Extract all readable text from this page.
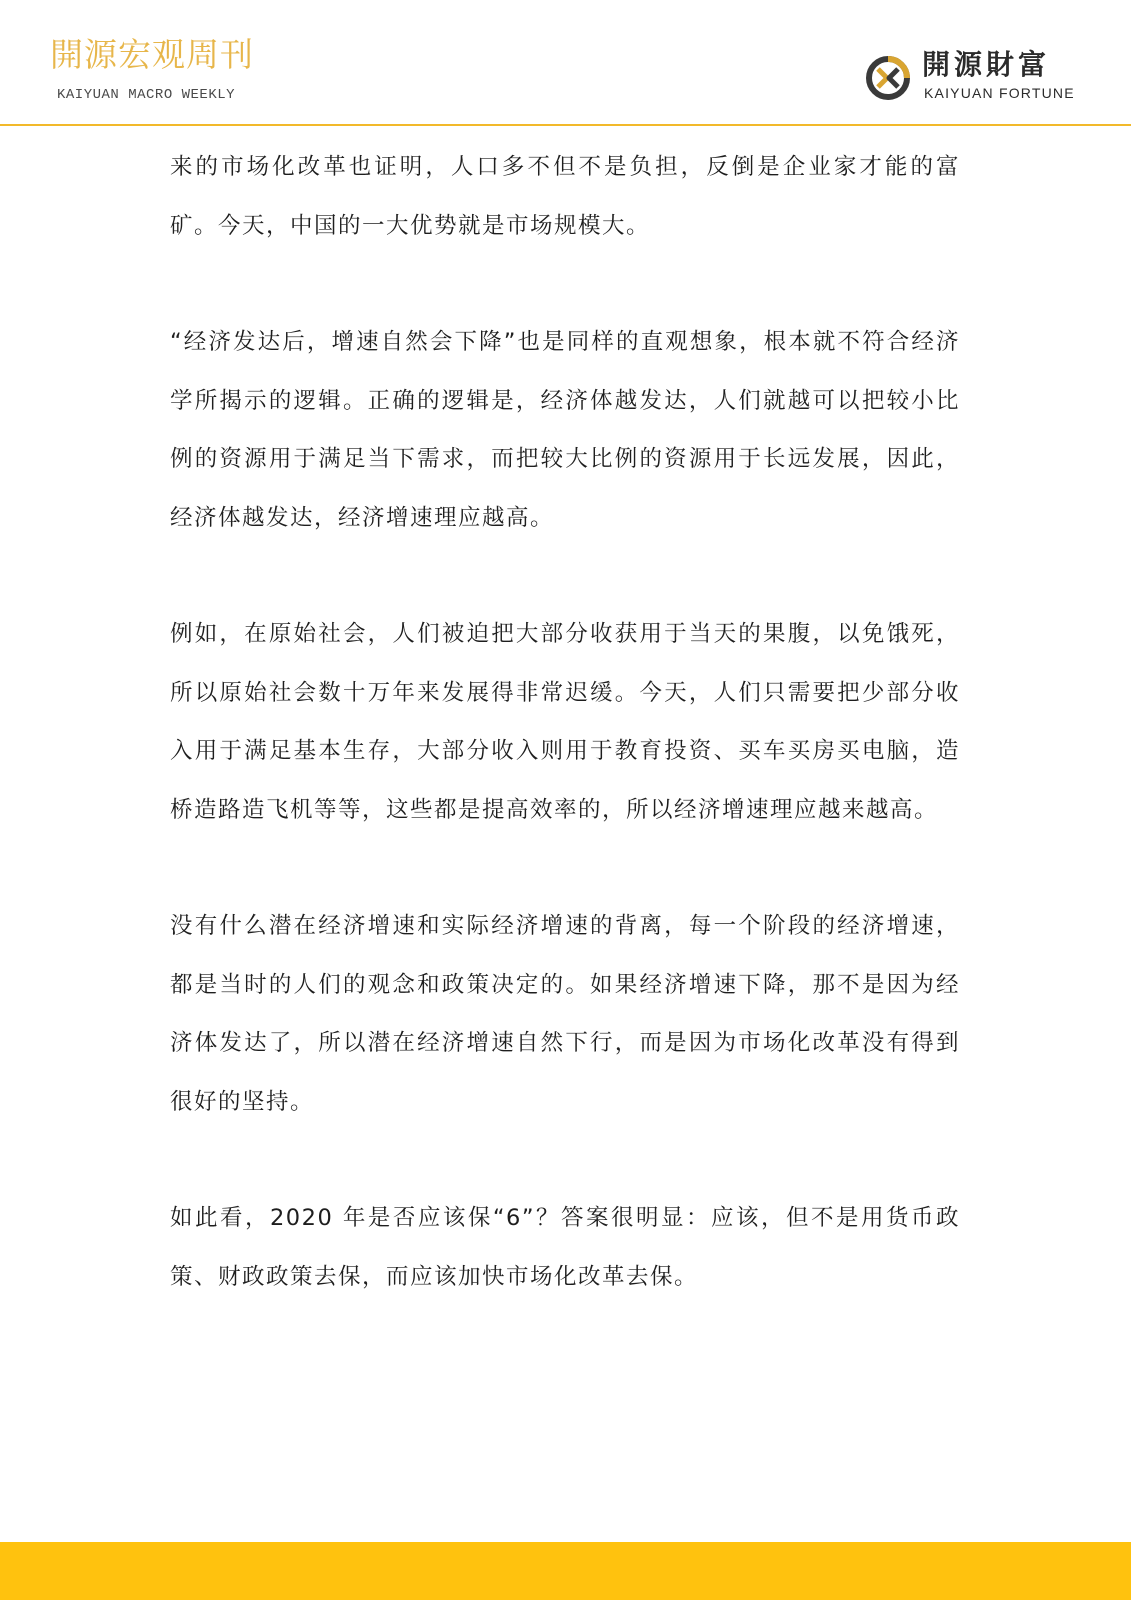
開源宏观周刊
KAIYUAN MACRO WEEKLY
開源財富
KAIYUAN FORTUNE

来的市场化改革也证明，人口多不但不是负担，反倒是企业家才能的富矿。今天，中国的一大优势就是市场规模大。

“经济发达后，增速自然会下降”也是同样的直观想象，根本就不符合经济学所揭示的逻辑。正确的逻辑是，经济体越发达，人们就越可以把较小比例的资源用于满足当下需求，而把较大比例的资源用于长远发展，因此，经济体越发达，经济增速理应越高。

例如，在原始社会，人们被迫把大部分收获用于当天的果腹，以免饿死，所以原始社会数十万年来发展得非常迟缓。今天，人们只需要把少部分收入用于满足基本生存，大部分收入则用于教育投资、买车买房买电脑，造桥造路造飞机等等，这些都是提高效率的，所以经济增速理应越来越高。

没有什么潜在经济增速和实际经济增速的背离，每一个阶段的经济增速，都是当时的人们的观念和政策决定的。如果经济增速下降，那不是因为经济体发达了，所以潜在经济增速自然下行，而是因为市场化改革没有得到很好的坚持。

如此看，2020 年是否应该保“6”？答案很明显：应该，但不是用货币政策、财政政策去保，而应该加快市场化改革去保。
